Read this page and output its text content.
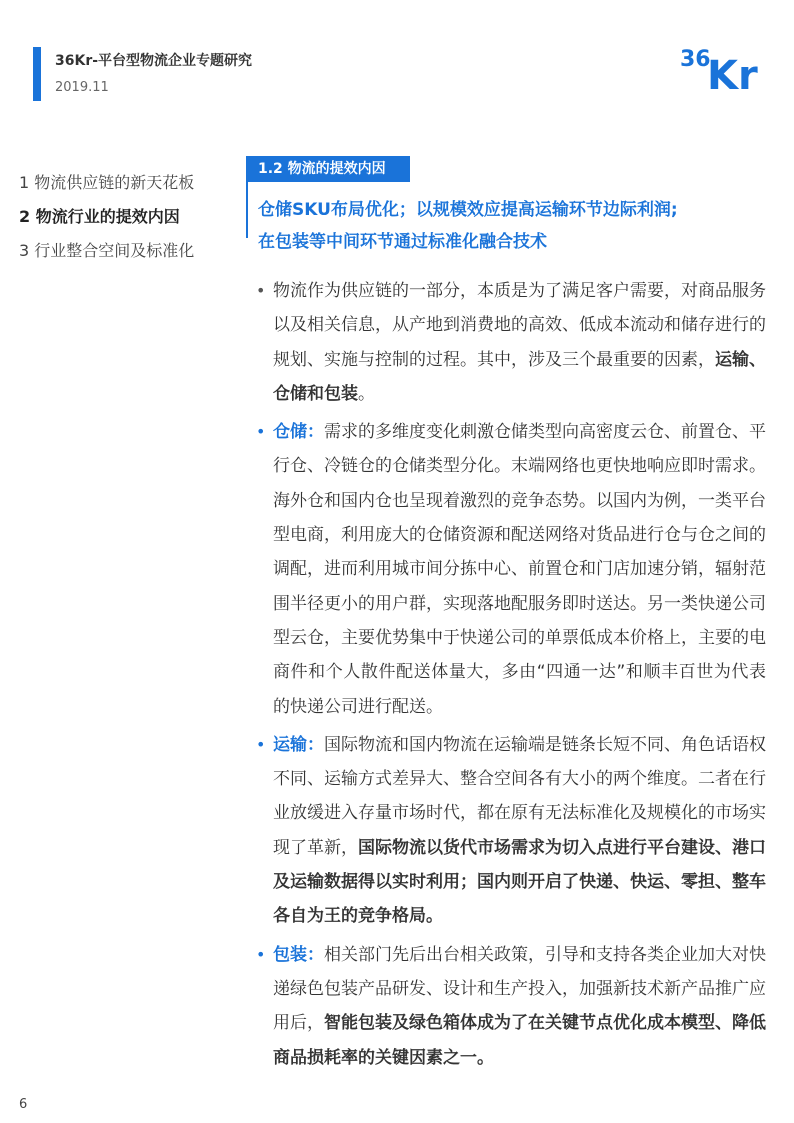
36Kr-平台型物流企业专题研究
2019.11
36
Kr
1 物流供应链的新天花板
2 物流行业的提效内因
3 行业整合空间及标准化
1.2 物流的提效内因
仓储SKU布局优化；以规模效应提高运输环节边际利润;
在包装等中间环节通过标准化融合技术
• 物流作为供应链的一部分，本质是为了满足客户需要，对商品服务以及相关信息，从产地到消费地的高效、低成本流动和储存进行的规划、实施与控制的过程。其中，涉及三个最重要的因素，运输、仓储和包装。
• 仓储：需求的多维度变化刺激仓储类型向高密度云仓、前置仓、平行仓、冷链仓的仓储类型分化。末端网络也更快地响应即时需求。海外仓和国内仓也呈现着激烈的竞争态势。以国内为例，一类平台型电商，利用庞大的仓储资源和配送网络对货品进行仓与仓之间的调配，进而利用城市间分拣中心、前置仓和门店加速分销，辐射范围半径更小的用户群，实现落地配服务即时送达。另一类快递公司型云仓，主要优势集中于快递公司的单票低成本价格上，主要的电商件和个人散件配送体量大，多由“四通一达”和顺丰百世为代表的快递公司进行配送。
• 运输：国际物流和国内物流在运输端是链条长短不同、角色话语权不同、运输方式差异大、整合空间各有大小的两个维度。二者在行业放缓进入存量市场时代，都在原有无法标准化及规模化的市场实现了革新，国际物流以货代市场需求为切入点进行平台建设、港口及运输数据得以实时利用；国内则开启了快递、快运、零担、整车各自为王的竞争格局。
• 包装：相关部门先后出台相关政策，引导和支持各类企业加大对快递绿色包装产品研发、设计和生产投入，加强新技术新产品推广应用后，智能包装及绿色箱体成为了在关键节点优化成本模型、降低商品损耗率的关键因素之一。
6
